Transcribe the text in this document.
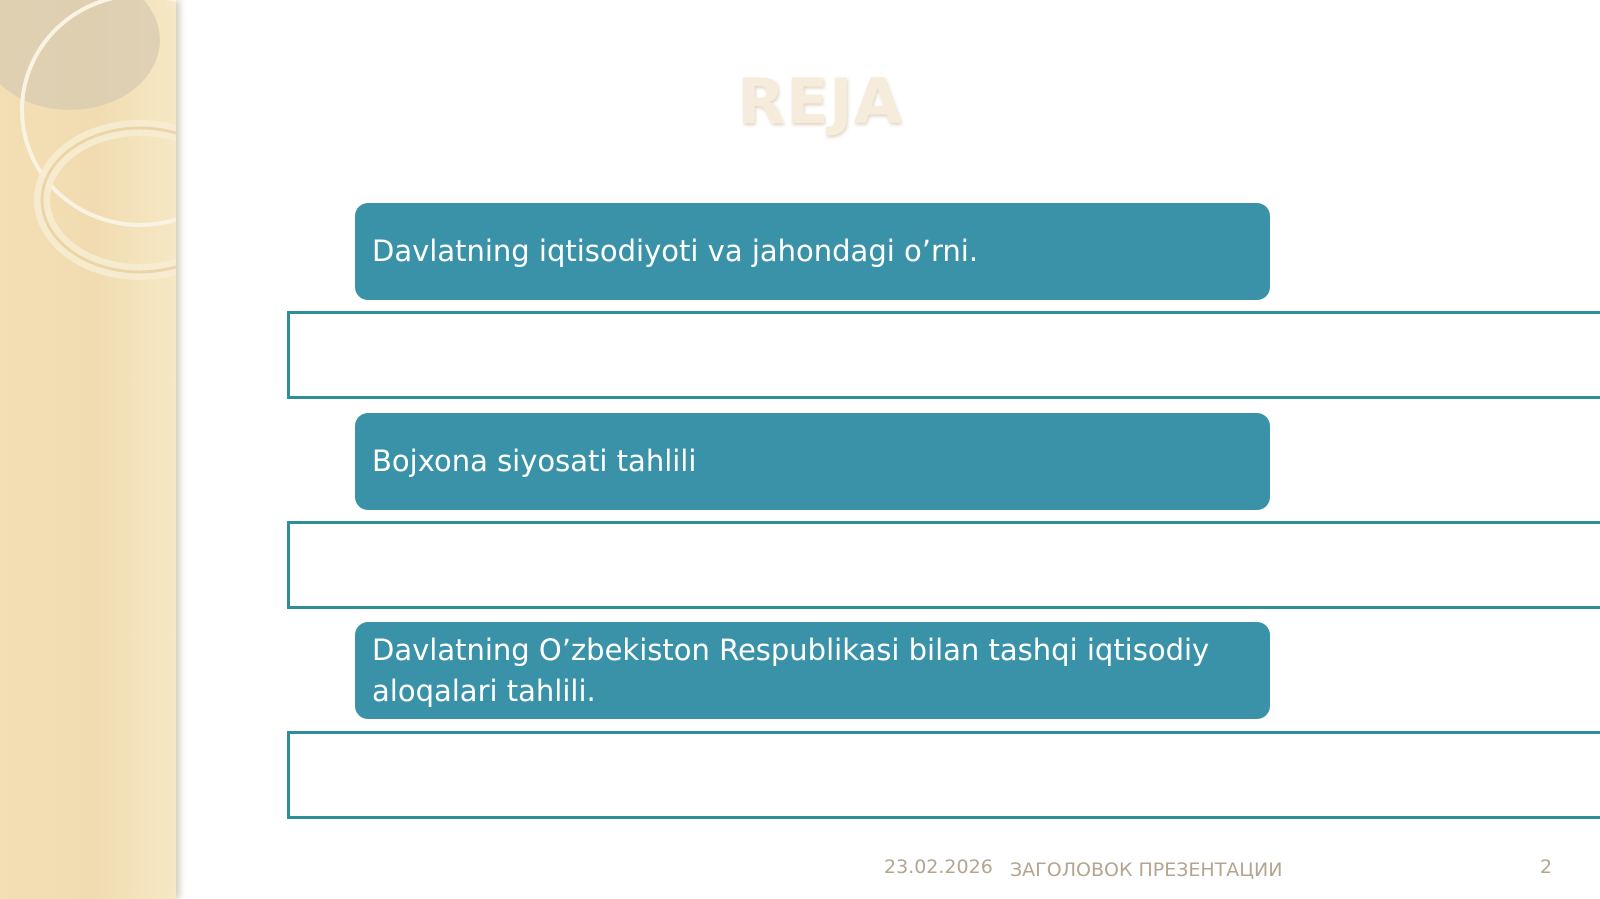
REJA
Davlatning iqtisodiyoti va jahondagi o’rni.
Bojxona siyosati tahlili
Davlatning O’zbekiston Respublikasi bilan tashqi iqtisodiy aloqalari tahlili.
23.02.2026 ЗАГОЛОВОК ПРЕЗЕНТАЦИИ	2
